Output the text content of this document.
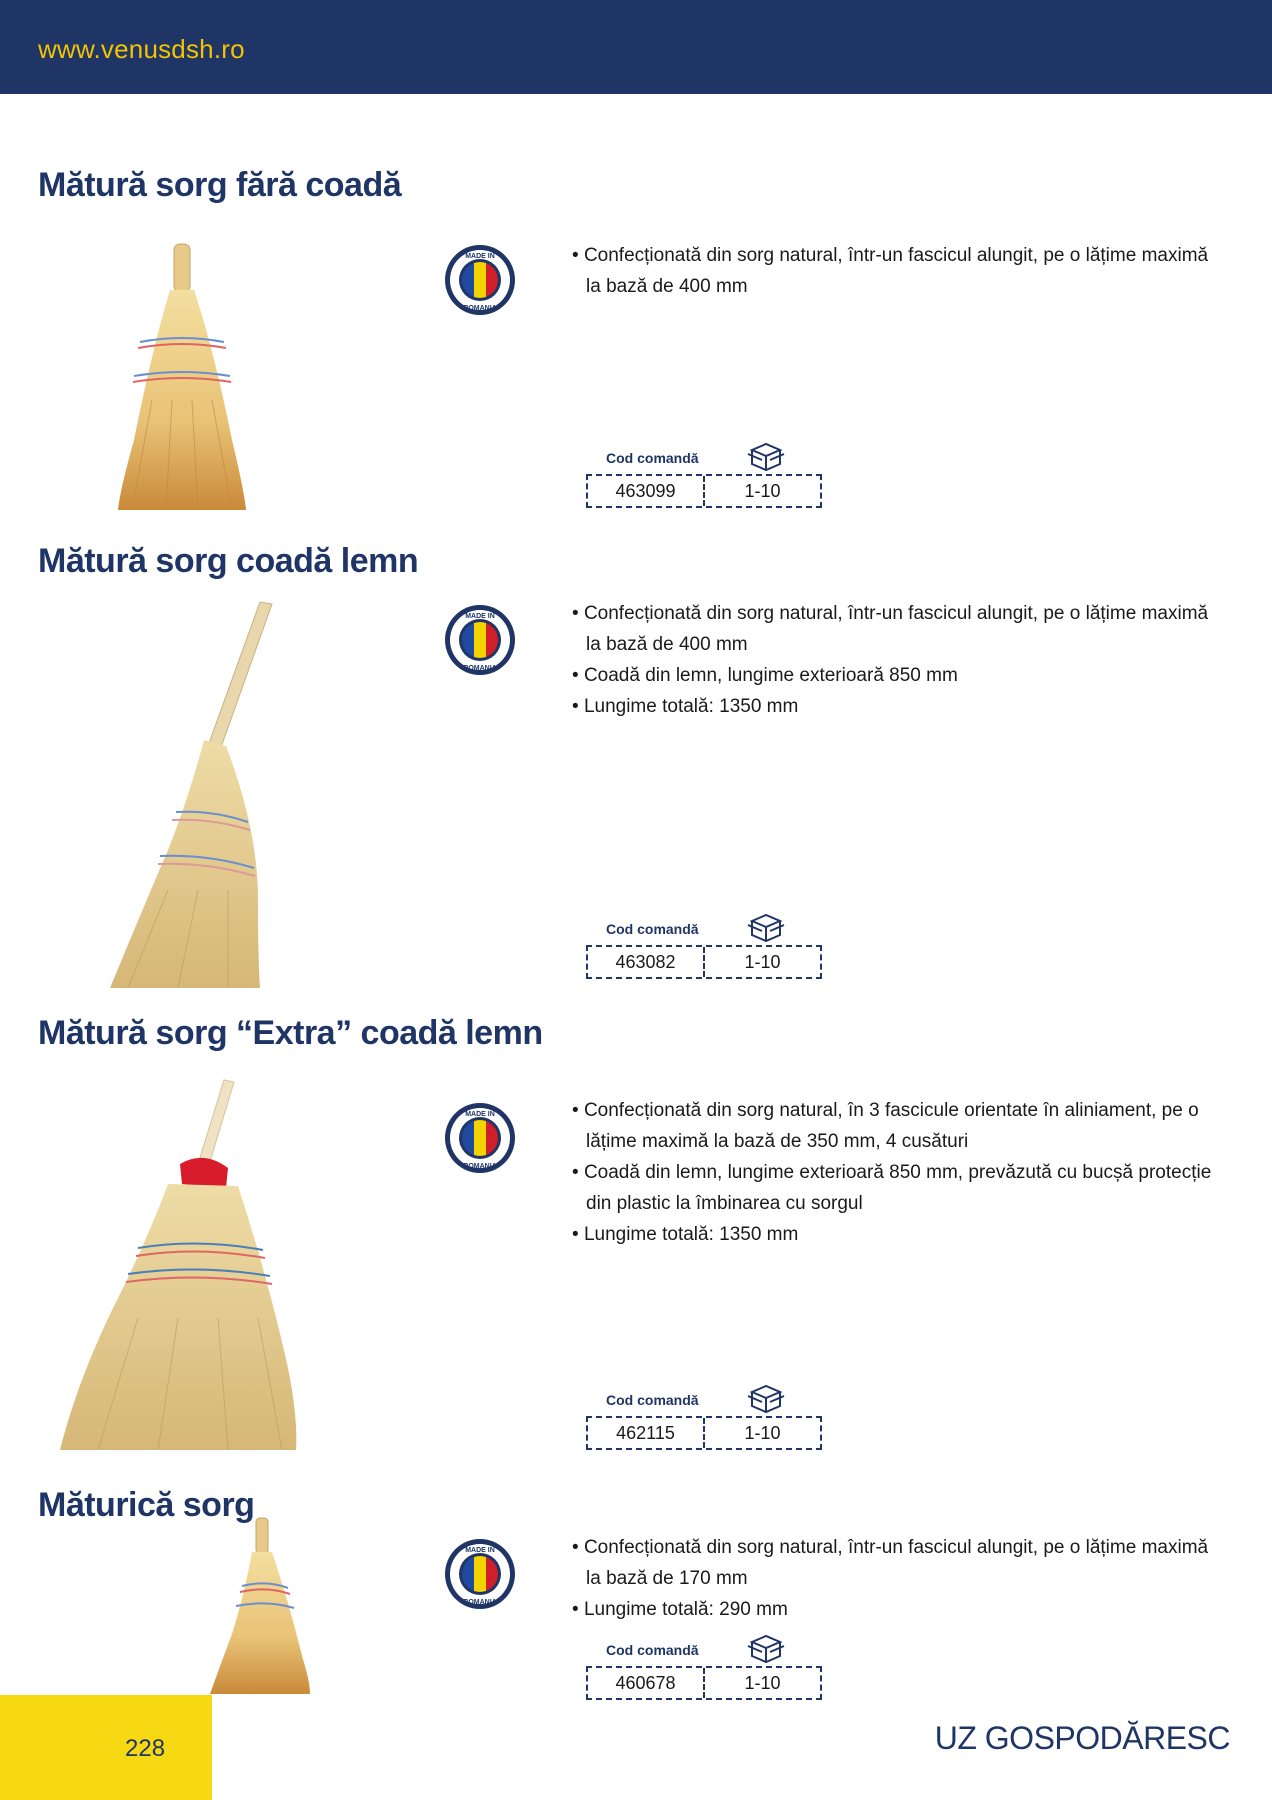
www.venusdsh.ro
Mătură sorg fără coadă
MADE IN
ROMANIA
• Confecționată din sorg natural, într-un fascicul alungit, pe o lățime maximă la bază de 400 mm
Cod comandă
463099	1-10
Mătură sorg coadă lemn
MADE IN
ROMANIA
• Confecționată din sorg natural, într-un fascicul alungit, pe o lățime maximă la bază de 400 mm
• Coadă din lemn, lungime exterioară 850 mm
• Lungime totală: 1350 mm
Cod comandă
463082	1-10
Mătură sorg “Extra” coadă lemn
MADE IN
ROMANIA
• Confecționată din sorg natural, în 3 fascicule orientate în aliniament, pe o lățime maximă la bază de 350 mm, 4 cusături
• Coadă din lemn, lungime exterioară 850 mm, prevăzută cu bucșă protecție din plastic la îmbinarea cu sorgul
• Lungime totală: 1350 mm
Cod comandă
462115	1-10
Măturică sorg
MADE IN
ROMANIA
• Confecționată din sorg natural, într-un fascicul alungit, pe o lățime maximă la bază de 170 mm
• Lungime totală: 290 mm
Cod comandă
460678	1-10
228	UZ GOSPODĂRESC
